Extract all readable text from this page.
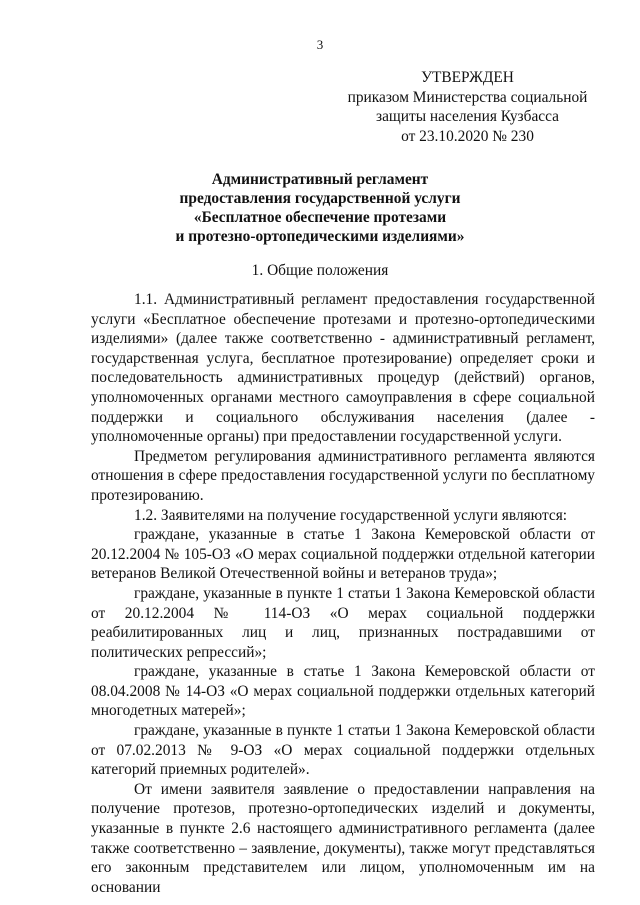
3
УТВЕРЖДЕН
приказом Министерства социальной
защиты населения Кузбасса
от 23.10.2020 № 230
Административный регламент
предоставления государственной услуги
«Бесплатное обеспечение протезами
и протезно-ортопедическими изделиями»
1. Общие положения

1.1. Административный регламент предоставления государственной услуги «Бесплатное обеспечение протезами и протезно-ортопедическими изделиями» (далее также соответственно - административный регламент, государственная услуга, бесплатное протезирование) определяет сроки и последовательность административных процедур (действий) органов, уполномоченных органами местного самоуправления в сфере социальной поддержки и социального обслуживания населения (далее - уполномоченные органы) при предоставлении государственной услуги.

Предметом регулирования административного регламента являются отношения в сфере предоставления государственной услуги по бесплатному протезированию.

1.2. Заявителями на получение государственной услуги являются:

граждане, указанные в статье 1 Закона Кемеровской области от 20.12.2004 № 105-ОЗ «О мерах социальной поддержки отдельной категории ветеранов Великой Отечественной войны и ветеранов труда»;

граждане, указанные в пункте 1 статьи 1 Закона Кемеровской области от 20.12.2004 № 114-ОЗ «О мерах социальной поддержки реабилитированных лиц и лиц, признанных пострадавшими от политических репрессий»;

граждане, указанные в статье 1 Закона Кемеровской области от 08.04.2008 № 14-ОЗ «О мерах социальной поддержки отдельных категорий многодетных матерей»;

граждане, указанные в пункте 1 статьи 1 Закона Кемеровской области от 07.02.2013 № 9-ОЗ «О мерах социальной поддержки отдельных категорий приемных родителей».

От имени заявителя заявление о предоставлении направления на получение протезов, протезно-ортопедических изделий и документы, указанные в пункте 2.6 настоящего административного регламента (далее также соответственно – заявление, документы), также могут представляться его законным представителем или лицом, уполномоченным им на основании
